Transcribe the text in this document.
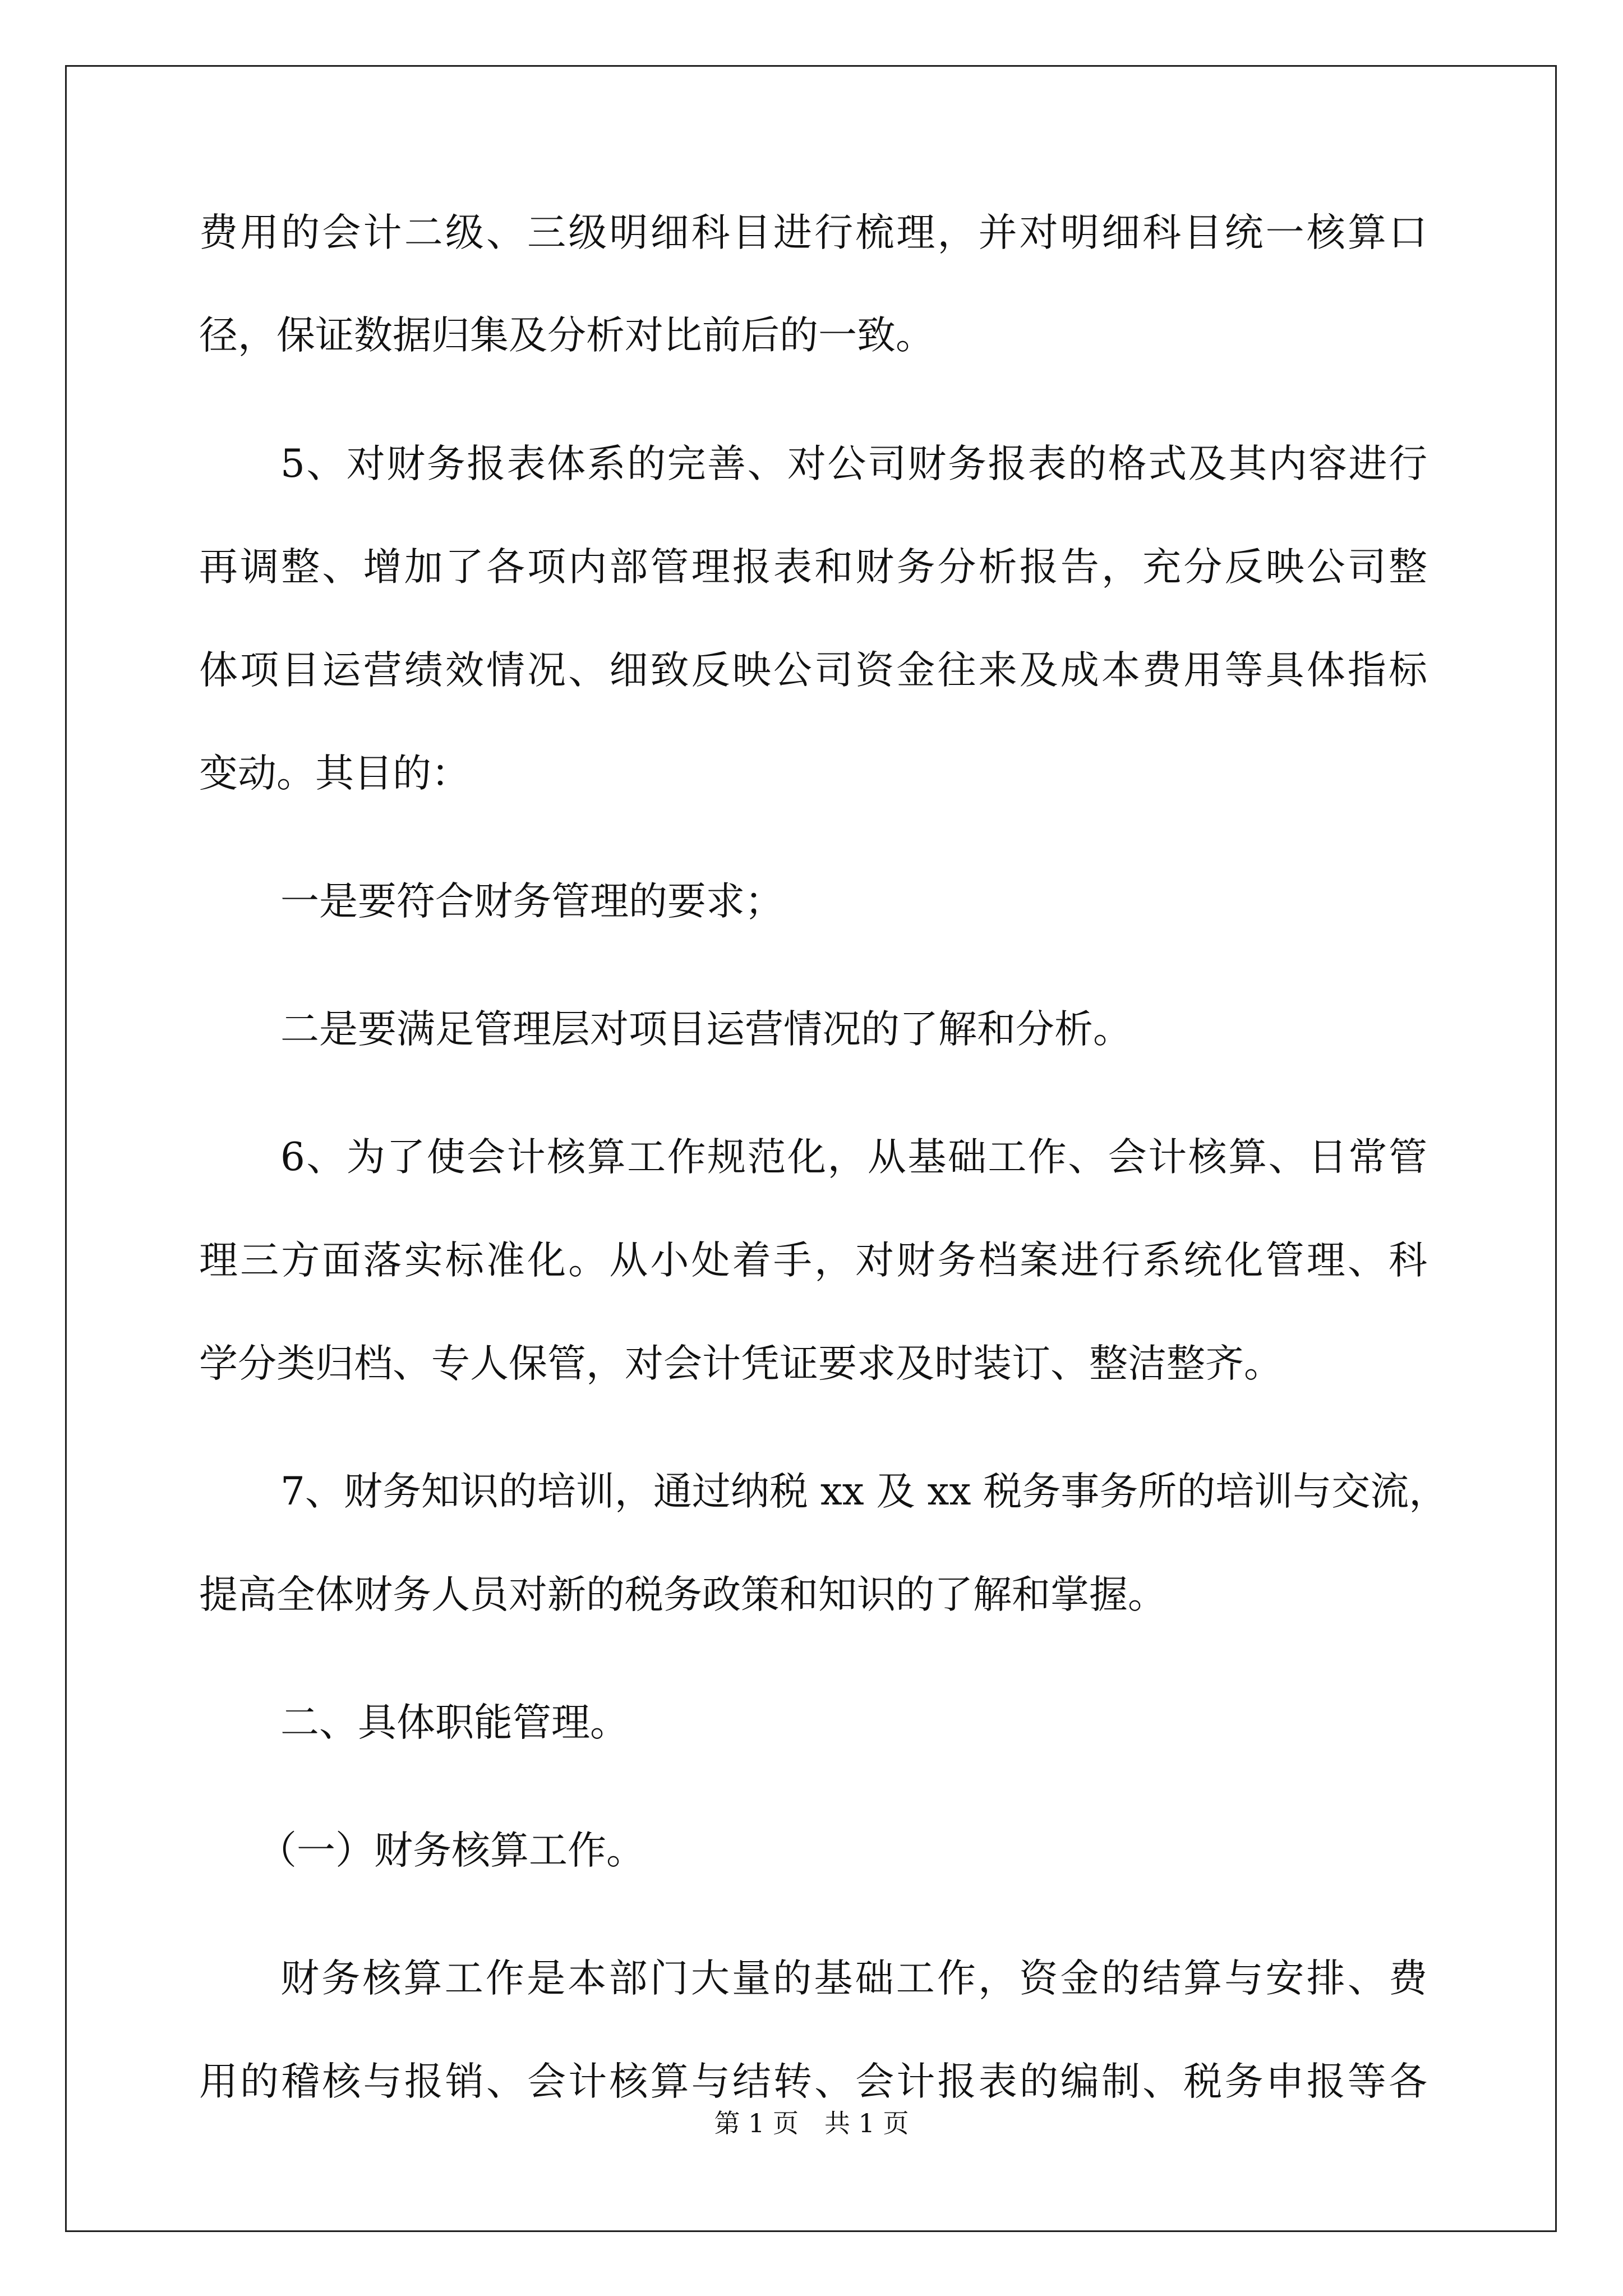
费用的会计二级、三级明细科目进行梳理，并对明细科目统一核算口
径，保证数据归集及分析对比前后的一致。
5、对财务报表体系的完善、对公司财务报表的格式及其内容进行
再调整、增加了各项内部管理报表和财务分析报告，充分反映公司整
体项目运营绩效情况、细致反映公司资金往来及成本费用等具体指标
变动。其目的：
一是要符合财务管理的要求；
二是要满足管理层对项目运营情况的了解和分析。
6、为了使会计核算工作规范化，从基础工作、会计核算、日常管
理三方面落实标准化。从小处着手，对财务档案进行系统化管理、科
学分类归档、专人保管，对会计凭证要求及时装订、整洁整齐。
7、财务知识的培训，通过纳税 xx 及 xx 税务事务所的培训与交流，
提高全体财务人员对新的税务政策和知识的了解和掌握。
二、具体职能管理。
（一）财务核算工作。
财务核算工作是本部门大量的基础工作，资金的结算与安排、费
用的稽核与报销、会计核算与结转、会计报表的编制、税务申报等各
第 1 页　共 1 页
